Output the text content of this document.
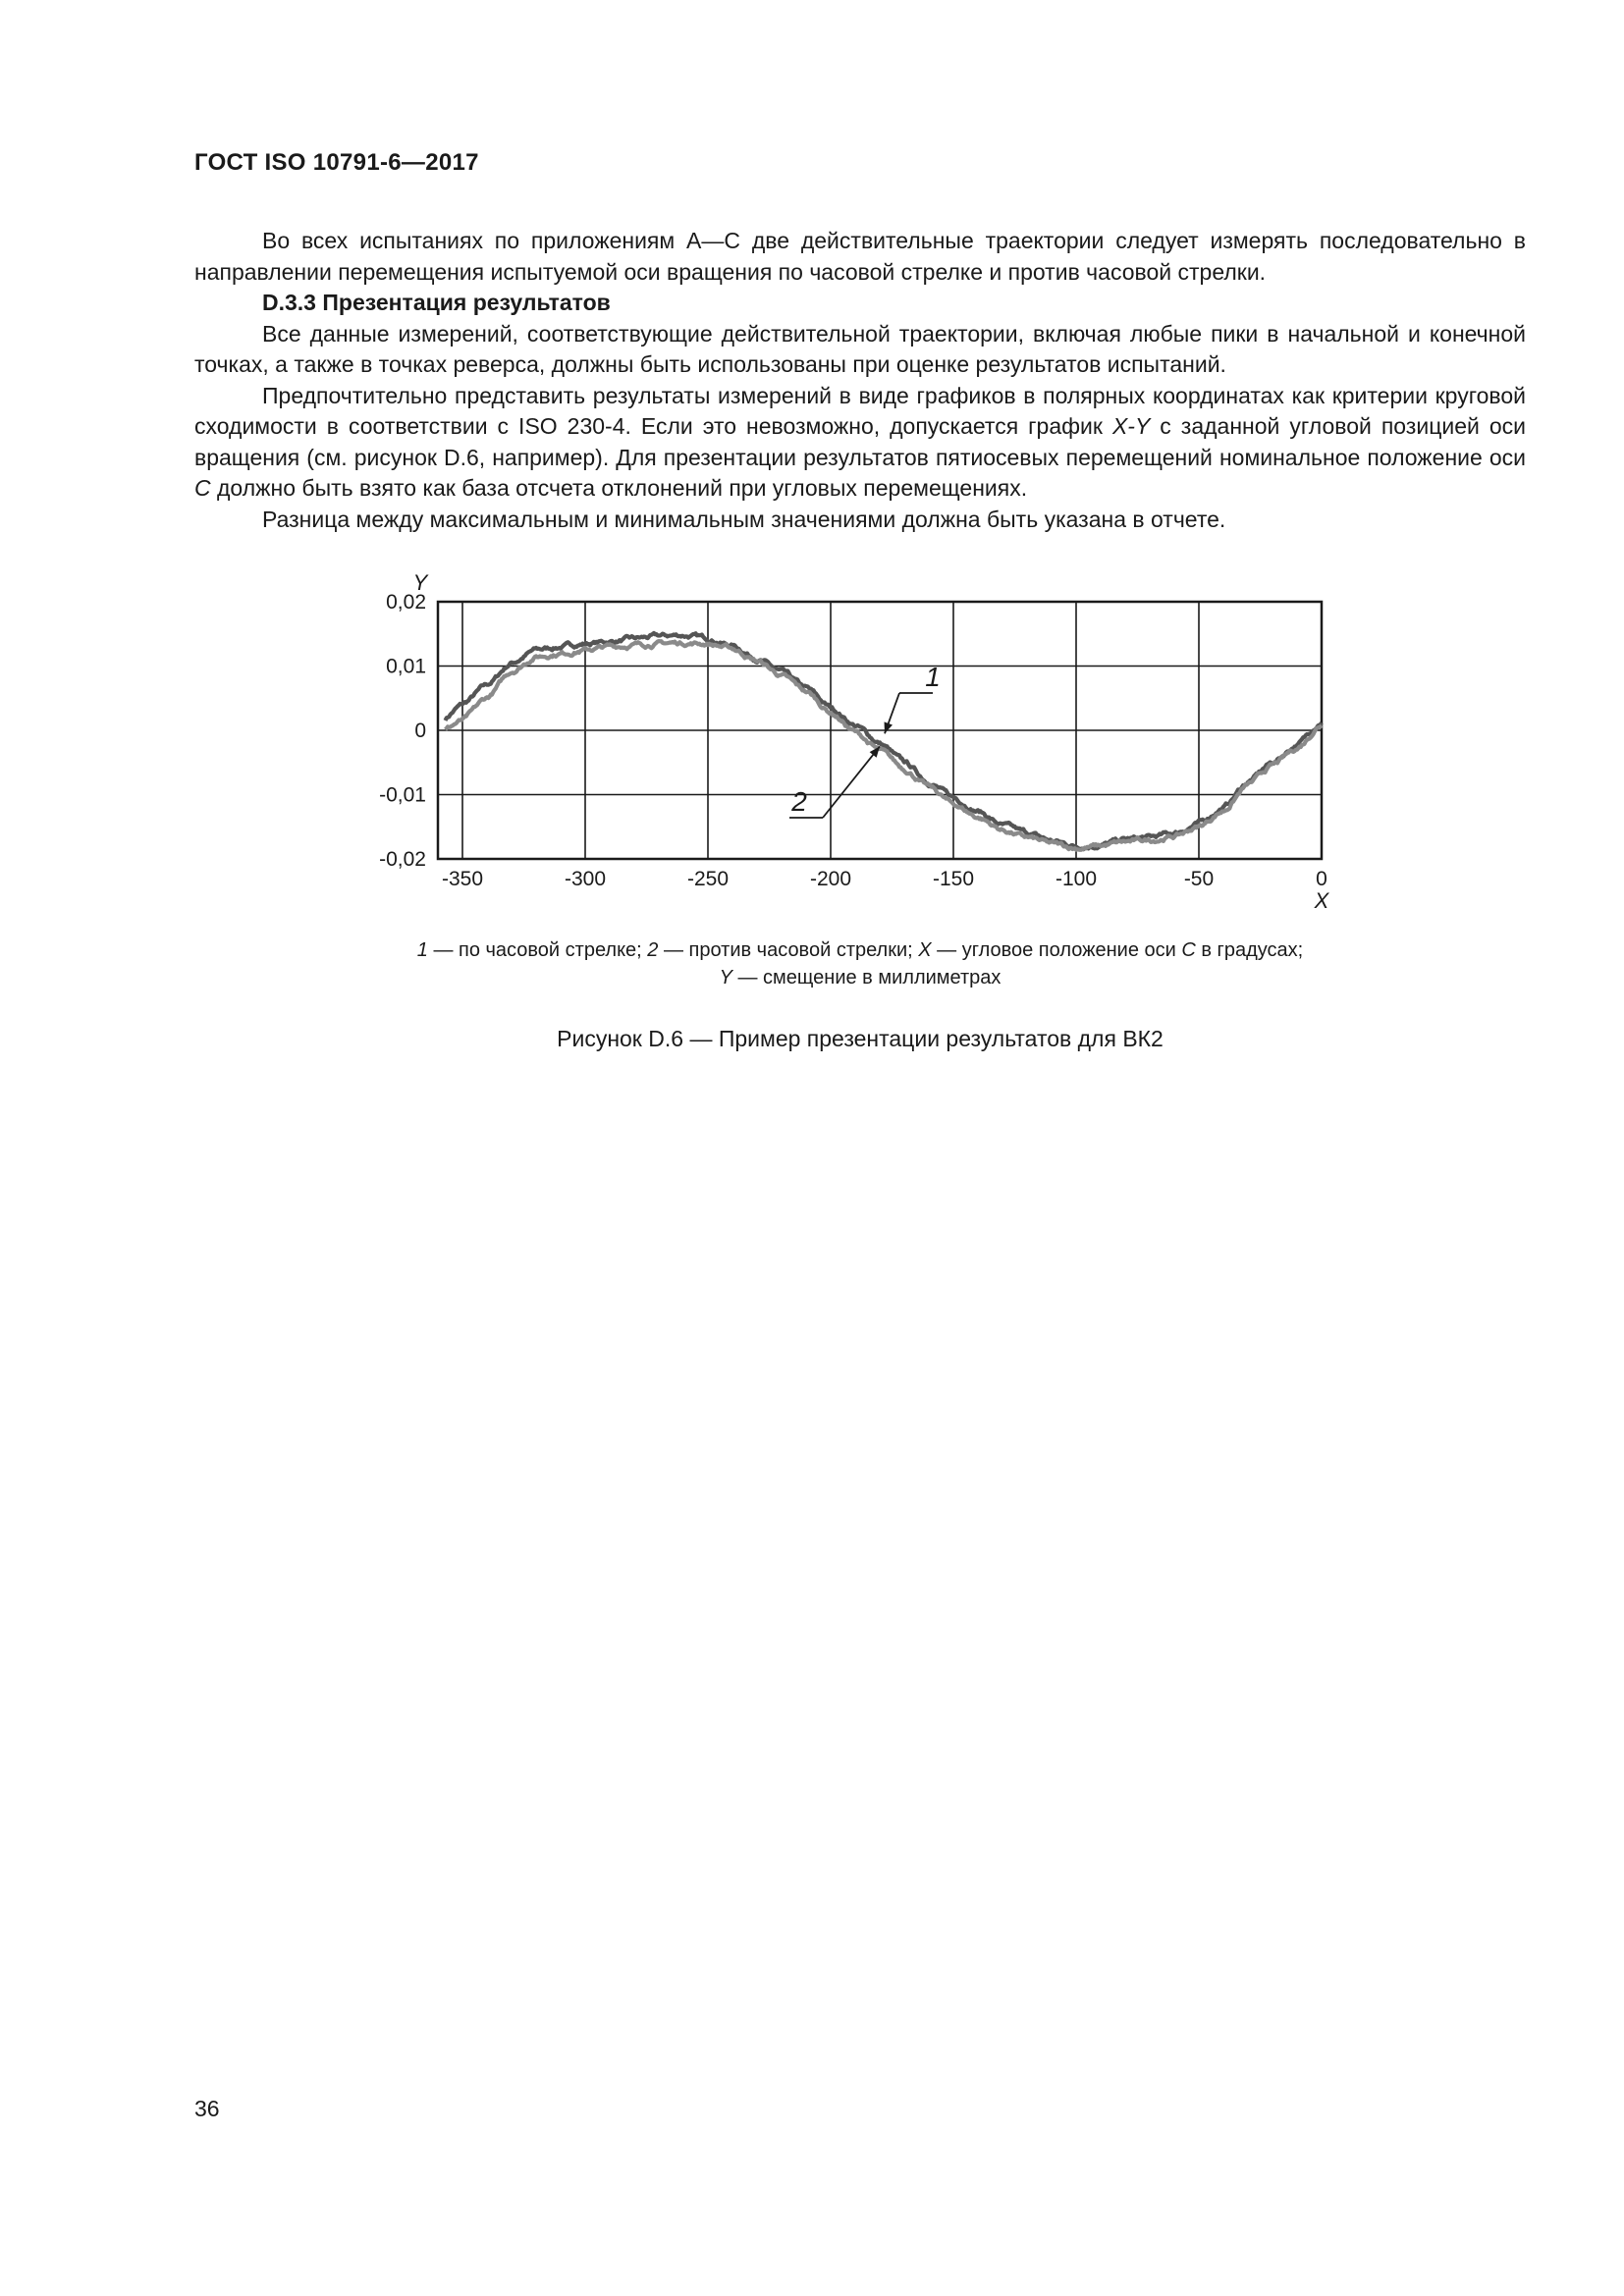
ГОСТ ISO 10791-6—2017

Во всех испытаниях по приложениям А—С две действительные траектории следует измерять последовательно в направлении перемещения испытуемой оси вращения по часовой стрелке и против часовой стрелки.

D.3.3 Презентация результатов

Все данные измерений, соответствующие действительной траектории, включая любые пики в начальной и конечной точках, а также в точках реверса, должны быть использованы при оценке результатов испытаний.

Предпочтительно представить результаты измерений в виде графиков в полярных координатах как критерии круговой сходимости в соответствии с ISO 230-4. Если это невозможно, допускается график X-Y с заданной угловой позицией оси вращения (см. рисунок D.6, например). Для презентации результатов пятиосевых перемещений номинальное положение оси C должно быть взято как база отсчета отклонений при угловых перемещениях.

Разница между максимальным и минимальным значениями должна быть указана в отчете.

-350	-300	-250	-200	-150	-100	-50	0
0,02
0,01
0
-0,01
-0,02
Y
X
1
2
1 — по часовой стрелке; 2 — против часовой стрелки; X — угловое положение оси C в градусах;
Y — смещение в миллиметрах
Рисунок D.6 — Пример презентации результатов для ВК2
36
